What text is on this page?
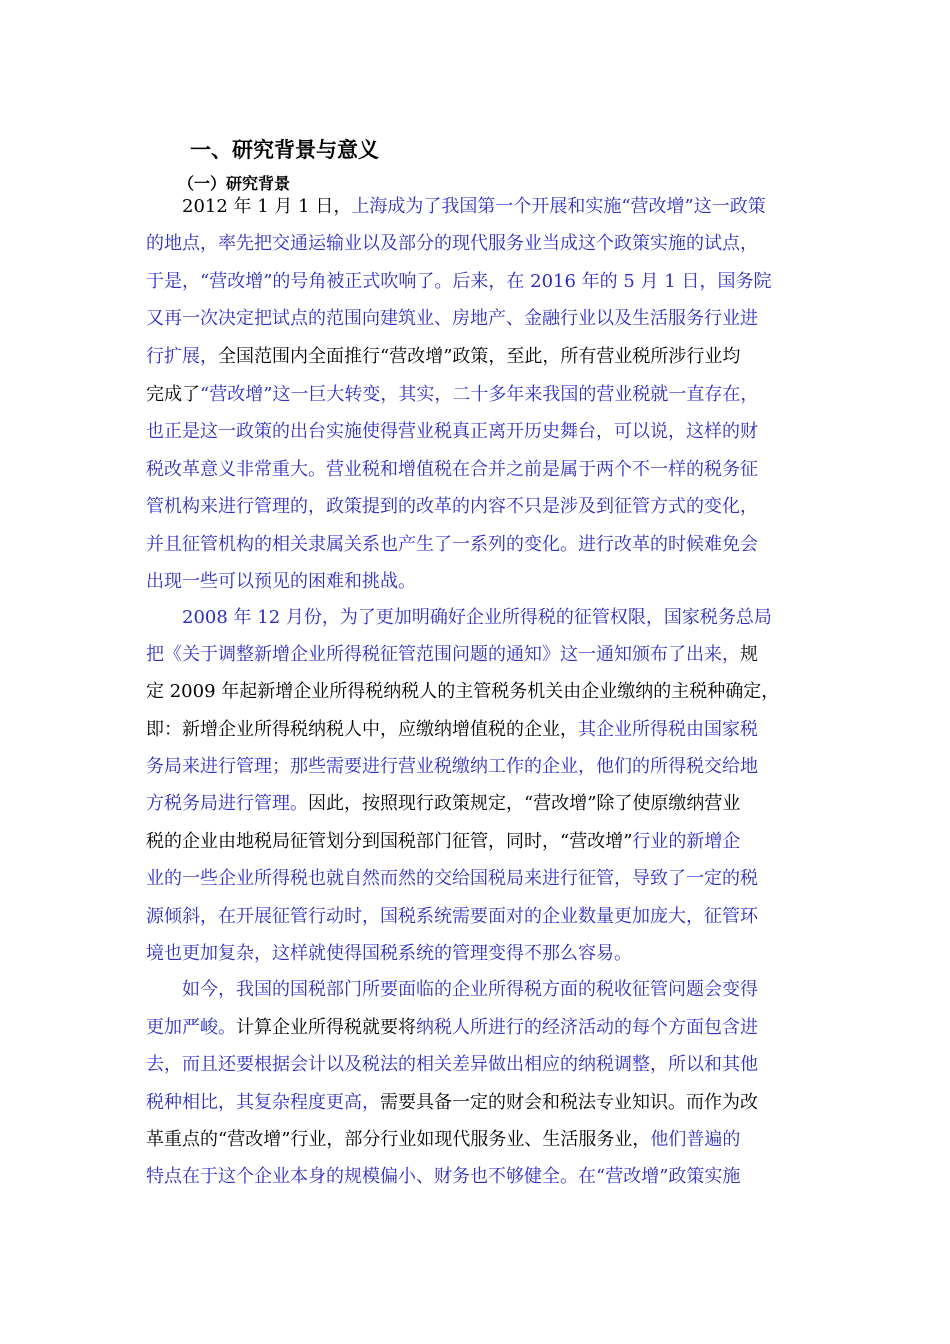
一、研究背景与意义
（一）研究背景
2012 年 1 月 1 日，上海成为了我国第一个开展和实施“营改增”这一政策
的地点，率先把交通运输业以及部分的现代服务业当成这个政策实施的试点，
于是，“营改增”的号角被正式吹响了。后来，在 2016 年的 5 月 1 日，国务院
又再一次决定把试点的范围向建筑业、房地产、金融行业以及生活服务行业进
行扩展，全国范围内全面推行“营改增”政策，至此，所有营业税所涉行业均
完成了“营改增”这一巨大转变，其实，二十多年来我国的营业税就一直存在，
也正是这一政策的出台实施使得营业税真正离开历史舞台，可以说，这样的财
税改革意义非常重大。营业税和增值税在合并之前是属于两个不一样的税务征
管机构来进行管理的，政策提到的改革的内容不只是涉及到征管方式的变化，
并且征管机构的相关隶属关系也产生了一系列的变化。进行改革的时候难免会
出现一些可以预见的困难和挑战。
2008 年 12 月份，为了更加明确好企业所得税的征管权限，国家税务总局
把《关于调整新增企业所得税征管范围问题的通知》这一通知颁布了出来，规
定 2009 年起新增企业所得税纳税人的主管税务机关由企业缴纳的主税种确定，
即：新增企业所得税纳税人中，应缴纳增值税的企业，其企业所得税由国家税
务局来进行管理；那些需要进行营业税缴纳工作的企业，他们的所得税交给地
方税务局进行管理。因此，按照现行政策规定，“营改增”除了使原缴纳营业
税的企业由地税局征管划分到国税部门征管，同时，“营改增”行业的新增企
业的一些企业所得税也就自然而然的交给国税局来进行征管，导致了一定的税
源倾斜，在开展征管行动时，国税系统需要面对的企业数量更加庞大，征管环
境也更加复杂，这样就使得国税系统的管理变得不那么容易。
如今，我国的国税部门所要面临的企业所得税方面的税收征管问题会变得
更加严峻。计算企业所得税就要将纳税人所进行的经济活动的每个方面包含进
去，而且还要根据会计以及税法的相关差异做出相应的纳税调整，所以和其他
税种相比，其复杂程度更高，需要具备一定的财会和税法专业知识。而作为改
革重点的“营改增”行业，部分行业如现代服务业、生活服务业，他们普遍的
特点在于这个企业本身的规模偏小、财务也不够健全。在“营改增”政策实施
